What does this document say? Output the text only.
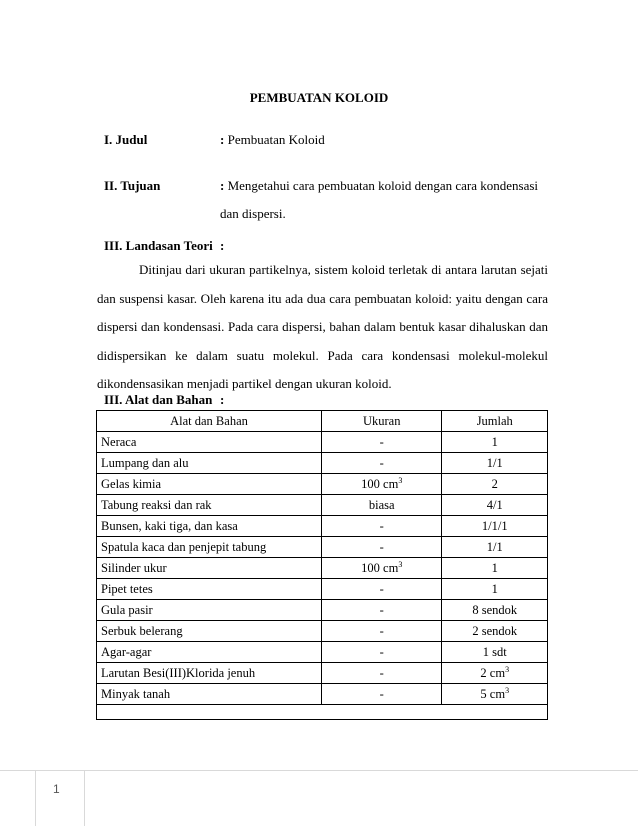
PEMBUATAN KOLOID
I. Judul	: Pembuatan Koloid
II. Tujuan	: Mengetahui cara pembuatan koloid dengan cara kondensasi dan dispersi.
III. Landasan Teori :
Ditinjau dari ukuran partikelnya, sistem koloid terletak di antara larutan sejati dan suspensi kasar. Oleh karena itu ada dua cara pembuatan koloid: yaitu dengan cara dispersi dan kondensasi. Pada cara dispersi, bahan dalam bentuk kasar dihaluskan dan didispersikan ke dalam suatu molekul. Pada cara kondensasi molekul-molekul dikondensasikan menjadi partikel dengan ukuran koloid.
III. Alat dan Bahan :
Alat dan Bahan	Ukuran	Jumlah
Neraca	-	1
Lumpang dan alu	-	1/1
Gelas kimia	100 $cm^3$	2
Tabung reaksi dan rak	biasa	4/1
Bunsen, kaki tiga, dan kasa	-	1/1/1
Spatula kaca dan penjepit tabung	-	1/1
Silinder ukur	100 $cm^3$	1
Pipet tetes	-	1
Gula pasir	-	8 sendok
Serbuk belerang	-	2 sendok
Agar-agar	-	1 sdt
Larutan Besi(III)Klorida jenuh	-	2 $cm^3$
Minyak tanah	-	5 $cm^3$

1
